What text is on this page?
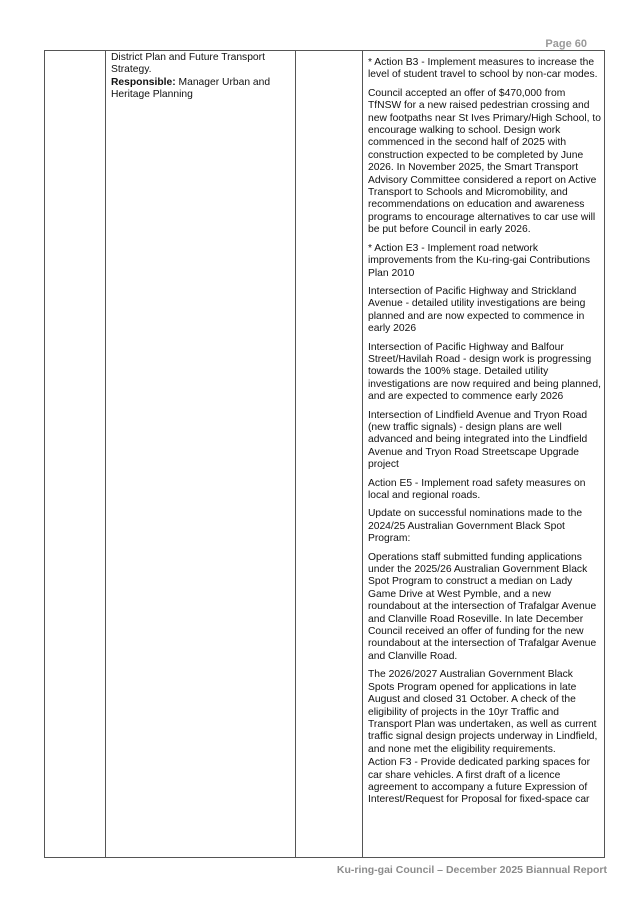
Page 60

District Plan and Future Transport Strategy.
Responsible: Manager Urban and Heritage Planning

* Action B3 - Implement measures to increase the level of student travel to school by non-car modes.

Council accepted an offer of $470,000 from TfNSW for a new raised pedestrian crossing and new footpaths near St Ives Primary/High School, to encourage walking to school. Design work commenced in the second half of 2025 with construction expected to be completed by June 2026. In November 2025, the Smart Transport Advisory Committee considered a report on Active Transport to Schools and Micromobility, and recommendations on education and awareness programs to encourage alternatives to car use will be put before Council in early 2026.

* Action E3 - Implement road network improvements from the Ku-ring-gai Contributions Plan 2010

Intersection of Pacific Highway and Strickland Avenue - detailed utility investigations are being planned and are now expected to commence in early 2026

Intersection of Pacific Highway and Balfour Street/Havilah Road - design work is progressing towards the 100% stage. Detailed utility investigations are now required and being planned, and are expected to commence early 2026

Intersection of Lindfield Avenue and Tryon Road (new traffic signals) - design plans are well advanced and being integrated into the Lindfield Avenue and Tryon Road Streetscape Upgrade project

Action E5 - Implement road safety measures on local and regional roads.

Update on successful nominations made to the 2024/25 Australian Government Black Spot Program:

Operations staff submitted funding applications under the 2025/26 Australian Government Black Spot Program to construct a median on Lady Game Drive at West Pymble, and a new roundabout at the intersection of Trafalgar Avenue and Clanville Road Roseville. In late December Council received an offer of funding for the new roundabout at the intersection of Trafalgar Avenue and Clanville Road.

The 2026/2027 Australian Government Black Spots Program opened for applications in late August and closed 31 October. A check of the eligibility of projects in the 10yr Traffic and Transport Plan was undertaken, as well as current traffic signal design projects underway in Lindfield, and none met the eligibility requirements.

Action F3 - Provide dedicated parking spaces for car share vehicles. A first draft of a licence agreement to accompany a future Expression of Interest/Request for Proposal for fixed-space car

Ku-ring-gai Council – December 2025 Biannual Report
